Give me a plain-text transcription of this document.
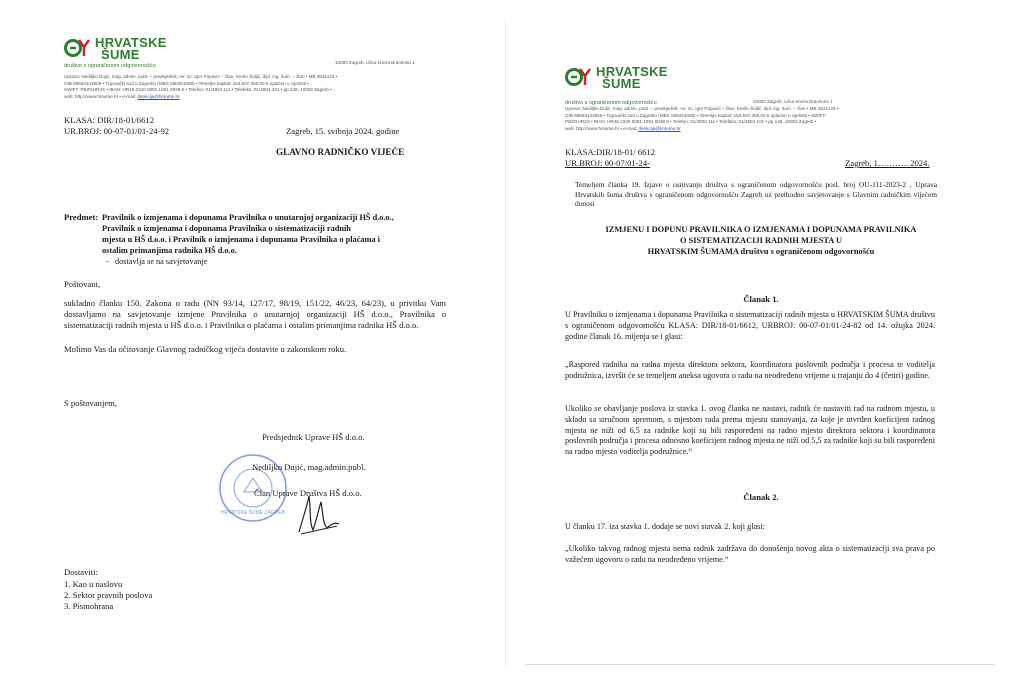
HRVATSKE
ŠUME
društvo s ograničenom odgovornošću
10000 Zagreb, Ulica kneza Branimira 1
Uprava: Nediljko Dujić, mag. admin. publ. – predsjednik, mr. sc. Igor Popović – član, Krešo Šoljić, dipl. ing. šum. – član • MB 3631133 •
OIB 69693144506 • Trgovački sud u Zagrebu (MBS 080251008) • Temeljni kapital: 153.507.300,00 € uplaćen u cijelosti •
SWIFT: PBZGHR2X • IBAN: HR46 2340 0091 1001 0038 8 • Telefon: 01/4804 111 • Telefaks: 01/4804 101 • pp 148, 10002 Zagreb •
web: http://www.hrsume.hr • e-mail: direkcija@hrsume.hr
KLASA: DIR/18-01/6612
UR.BROJ: 00-07-01/01-24-92	Zagreb, 15. svibnja 2024. godine
GLAVNO RADNIČKO VIJEĆE
Predmet: Pravilnik o izmjenama i dopunama Pravilnika o unutarnjoj organizaciji HŠ d.o.o.,
Pravilnik o izmjenama i dopunama Pravilnika o sistematizaciji radnih
mjesta u HŠ d.o.o. i Pravilnik o izmjenama i dopunama Pravilnika o plaćama i
ostalim primanjima radnika HŠ d.o.o.
-   dostavlja se na savjetovanje
Poštovani,
sukladno članku 150. Zakona o radu (NN 93/14, 127/17, 98/19, 151/22, 46/23, 64/23), u privitku Vam dostavljamo na savjetovanje izmjene Pravilnika o unutarnjoj organizaciji HŠ d.o.o., Pravilnika o sistematizaciji radnih mjesta u HŠ d.o.o. i Pravilnika o plaćama i ostalim primanjima radnika HŠ d.o.o.
Molimo Vas da očitovanje Glavnog radničkog vijeća dostavite u zakonskom roku.
S poštovanjem,
Predsjednik Uprave HŠ d.o.o.
HRVATSKE ŠUME ZAGREB
Nediljko Dujić, mag.admin.publ.
Član Uprave Društva HŠ d.o.o.
Dostaviti:
1. Kao u naslovu
2. Sektor pravnih poslova
3. Pismohrana
HRVATSKE
ŠUME
društvo s ograničenom odgovornošću	10000 Zagreb, Ulica kneza Branimira 1
Uprava: Nediljko Dujić, mag. admin. publ. – predsjednik, mr. sc. Igor Popović – član, Krešo Šoljić, dipl. ing. šum. – član • MB 3631133 •
OIB 69693144506 • Trgovački sud u Zagrebu (MBS 080251008) • Temeljni kapital: 153.507.300,00 € uplaćen u cijelosti • SWIFT:
PBZGHR2X • IBAN: HR46 2340 0091 1001 0038 8 • Telefon: 01/4804 111 • Telefaks: 01/4804 101 • pp 148, 10002 Zagreb •
web: http://www.hrsume.hr • e-mail: direkcija@hrsume.hr
KLASA:DIR/18-01/ 6612
UR.BROJ: 00-07/01-24-	Zagreb, 1……….. 2024.
Temeljem članka 19. Izjave o osnivanju društva s ograničenom odgovornošću posl. broj OU-111-2023-2 , Uprava Hrvatskih šuma društva s ograničenom odgovornošću Zagreb uz prethodno savjetovanje s Glavnim radničkim vijećem donosi
IZMJENU I DOPUNU PRAVILNIKA O IZMJENAMA I DOPUNAMA PRAVILNIKA
O SISTEMATIZACIJI RADNIH MJESTA U
HRVATSKIM ŠUMAMA društvu s ograničenom odgovornošću
Članak 1.
U Pravilniku o izmjenama i dopunama Pravilnika o sistematizaciji radnih mjesta u HRVATSKIM ŠUMA društvu s ograničenom odgovornošću KLASA: DIR/18-01/6612, URBROJ: 00-07-01/01-24-82 od 14. ožujka 2024. godine članak 16. mijenja se i glasi:
„Raspored radnika na radna mjesta direktora sektora, koordinatora poslovnih područja i procesa te voditelja podružnica, izvršit će se temeljem aneksa ugovora o radu na neodređeno vrijeme u trajanju do 4 (četiri) godine.
Ukoliko se obavljanje poslova iz stavka 1. ovog članka ne nastavi, radnik će nastaviti rad na radnom mjestu, u skladu sa stručnom spremom, s mjestom rada prema mjestu stanovanja, za koje je utvrđen koeficijent radnog mjesta ne niži od 6,5 za radnike koji su bili raspoređeni na radno mjesto direktora sektora i koordinatora poslovnih područja i procesa odnosno koeficijent radnog mjesta ne niži od 5,5 za radnike koji su bili raspoređeni na radno mjesto voditelja podružnice.“
Članak 2.
U članku 17. iza stavka 1. dodaje se novi stavak 2. koji glasi:
„Ukoliko takvog radnog mjesta nema radnik zadržava do donošenja novog akta o sistematizaciji sva prava po važećem ugovoru o radu na neodređeno vrijeme.“
